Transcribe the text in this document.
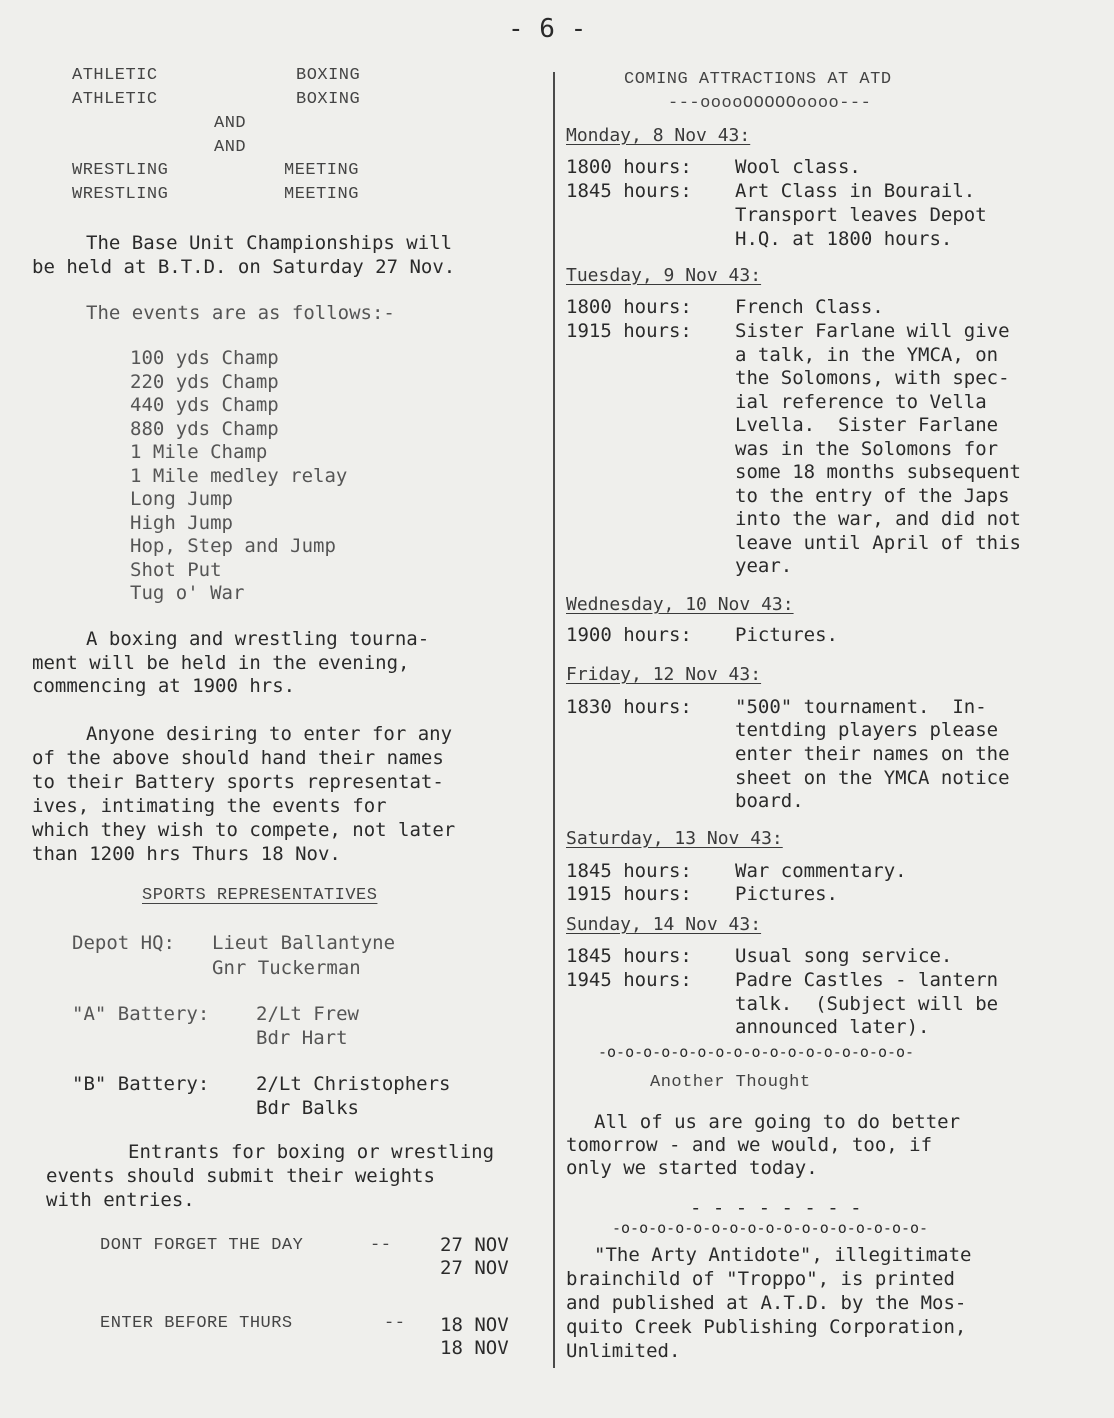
- 6 -
ATHLETIC	BOXING
ATHLETIC	BOXING
AND
AND
WRESTLING	MEETING
WRESTLING	MEETING
The Base Unit Championships will
be held at B.T.D. on Saturday 27 Nov.
The events are as follows:-
100 yds Champ
220 yds Champ
440 yds Champ
880 yds Champ
1 Mile Champ
1 Mile medley relay
Long Jump
High Jump
Hop, Step and Jump
Shot Put
Tug o' War
A boxing and wrestling tourna-
ment will be held in the evening,
commencing at 1900 hrs.
Anyone desiring to enter for any
of the above should hand their names
to their Battery sports representat-
ives, intimating the events for
which they wish to compete, not later
than 1200 hrs Thurs 18 Nov.
SPORTS REPRESENTATIVES
Depot HQ: Lieut Ballantyne
Gnr Tuckerman
"A" Battery: 2/Lt Frew
Bdr Hart
"B" Battery: 2/Lt Christophers
Bdr Balks
Entrants for boxing or wrestling
events should submit their weights
with entries.
DONT FORGET THE DAY	--	27 NOV
27 NOV
ENTER BEFORE THURS	-- 18 NOV
18 NOV
COMING ATTRACTIONS AT ATD
---ooooOOOOOoooo---
Monday, 8 Nov 43:
1800 hours: Wool class.
1845 hours: Art Class in Bourail.
Transport leaves Depot
H.Q. at 1800 hours.
Tuesday, 9 Nov 43:
1800 hours: French Class.
1915 hours: Sister Farlane will give
a talk, in the YMCA, on
the Solomons, with spec-
ial reference to Vella
Lvella.  Sister Farlane
was in the Solomons for
some 18 months subsequent
to the entry of the Japs
into the war, and did not
leave until April of this
year.
Wednesday, 10 Nov 43:
1900 hours: Pictures.
Friday, 12 Nov 43:
1830 hours: "500" tournament.  In-
tentding players please
enter their names on the
sheet on the YMCA notice
board.
Saturday, 13 Nov 43:
1845 hours: War commentary.
1915 hours: Pictures.
Sunday, 14 Nov 43:
1845 hours: Usual song service.
1945 hours: Padre Castles - lantern
talk.  (Subject will be
announced later).
-o-o-o-o-o-o-o-o-o-o-o-o-o-o-o-o-o-
Another Thought
All of us are going to do better
tomorrow - and we would, too, if
only we started today.
- - - - - - - -
-o-o-o-o-o-o-o-o-o-o-o-o-o-o-o-o-o-
"The Arty Antidote", illegitimate
brainchild of "Troppo", is printed
and published at A.T.D. by the Mos-
quito Creek Publishing Corporation,
Unlimited.
